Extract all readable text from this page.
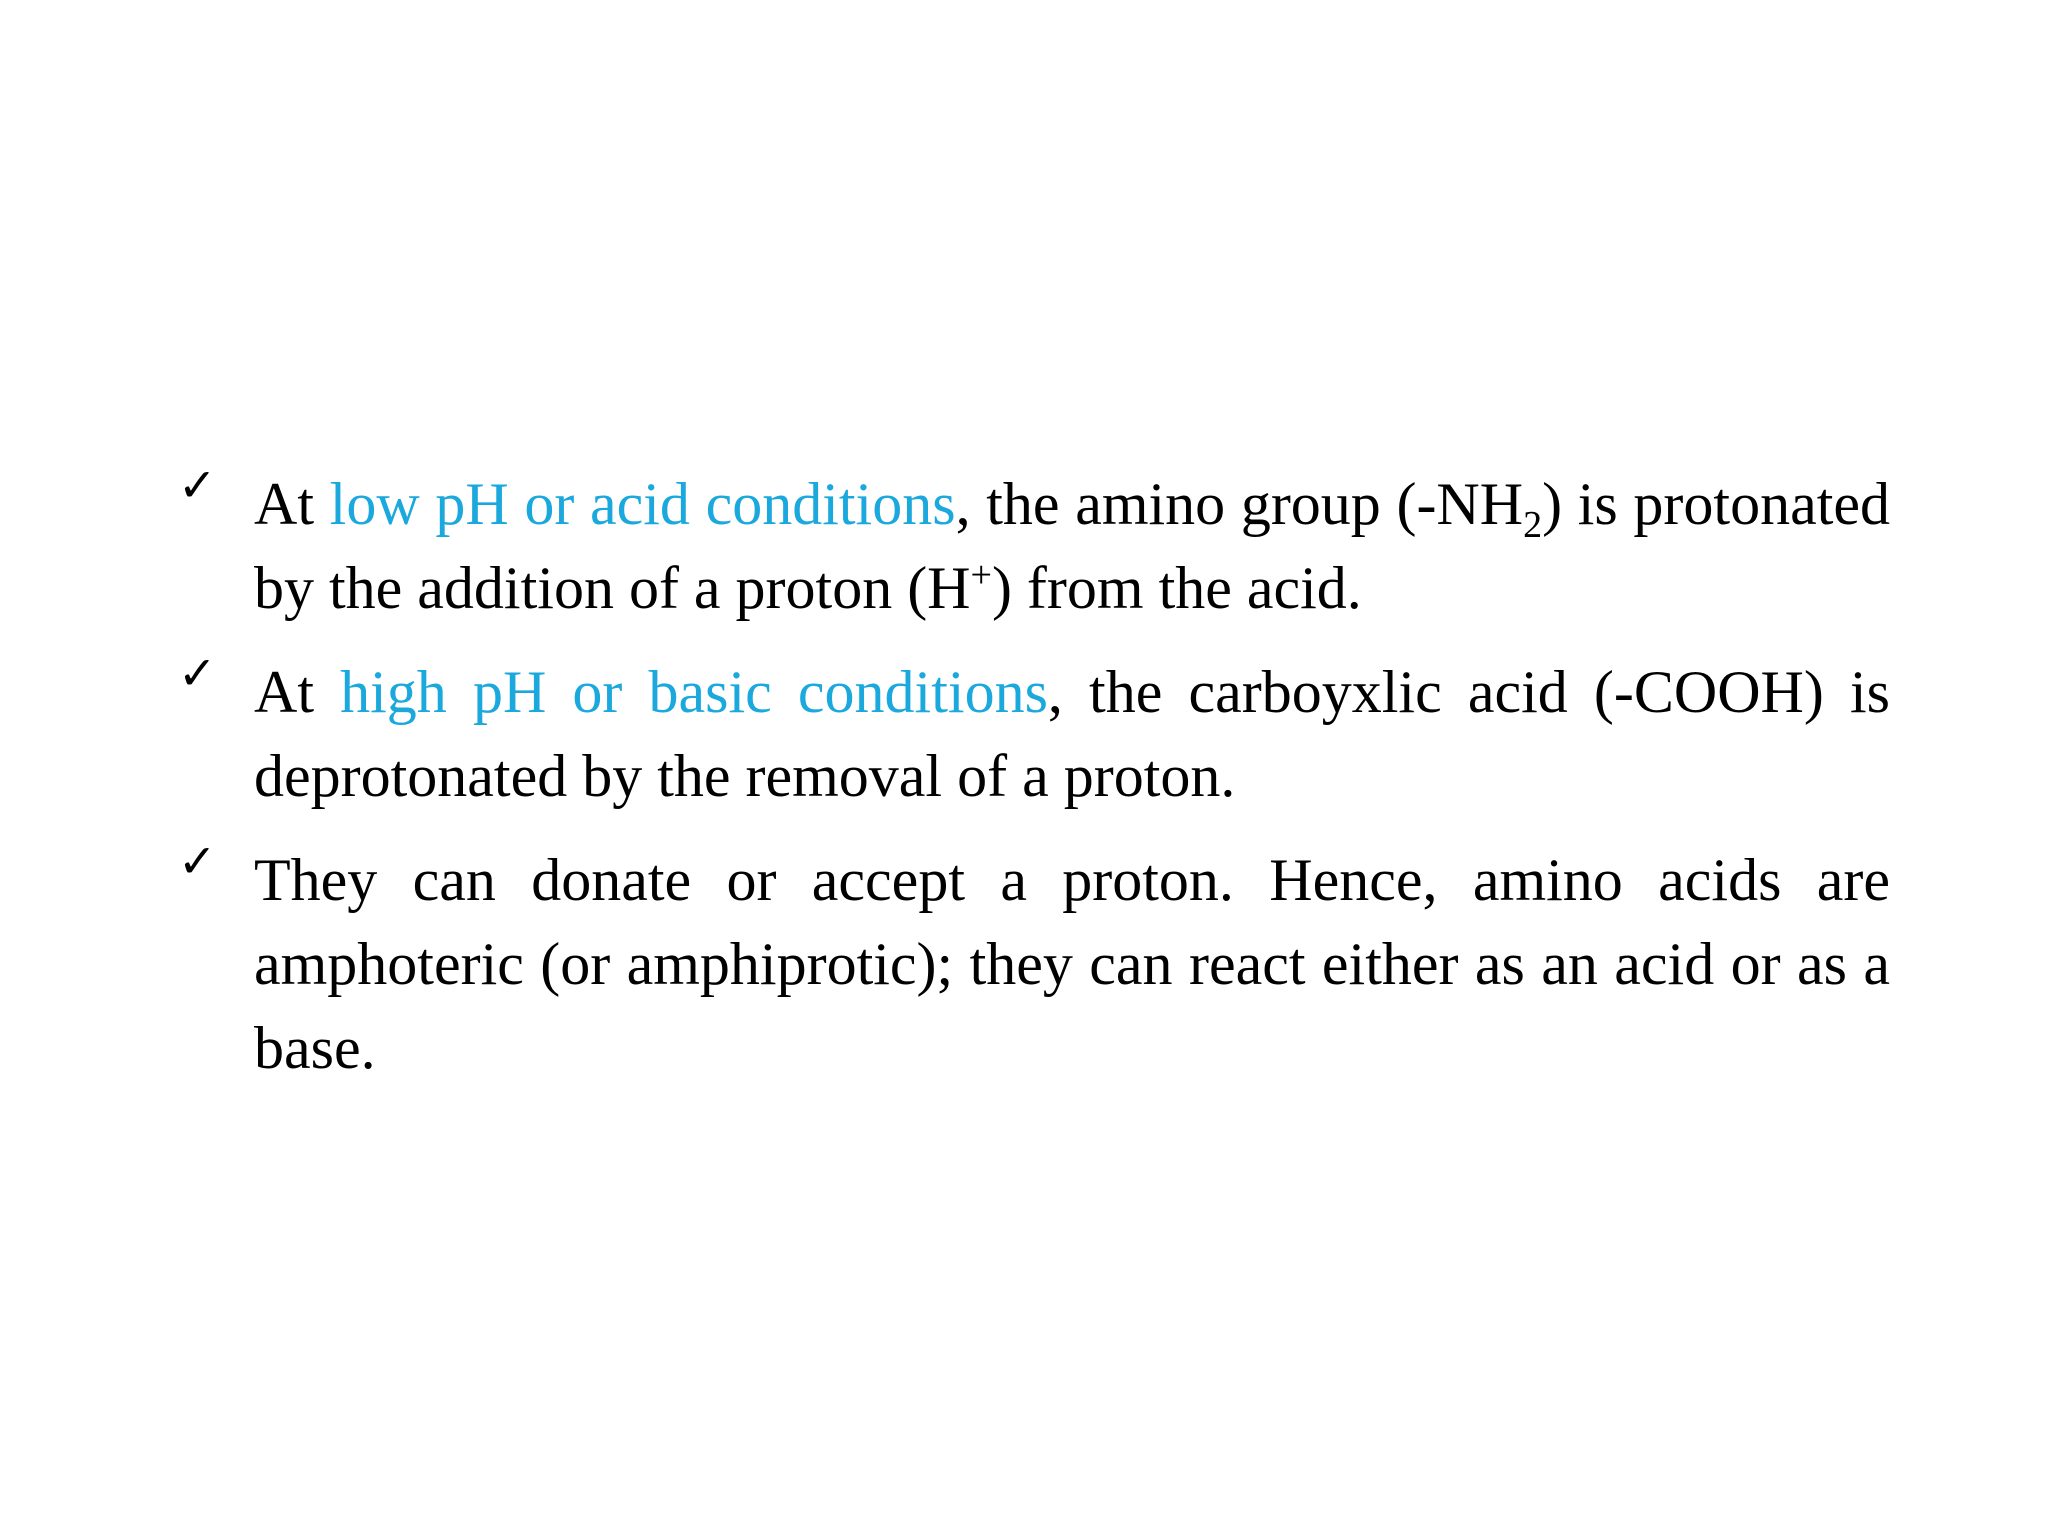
✓ At low pH or acid conditions, the amino group $(-NH_2)$ is protonated by the addition of a proton (H+) from the acid.
✓ At high pH or basic conditions, the carboyxlic acid (-COOH) is deprotonated by the removal of a proton.
✓ They can donate or accept a proton. Hence, amino acids are amphoteric (or amphiprotic); they can react either as an acid or as a base.
